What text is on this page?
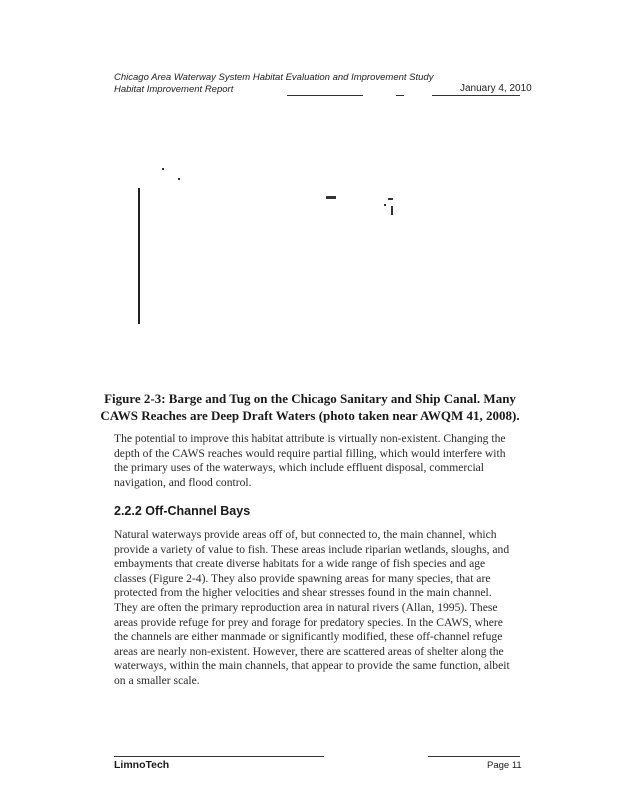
Chicago Area Waterway System Habitat Evaluation and Improvement Study
Habitat Improvement Report	January 4, 2010
Figure 2-3: Barge and Tug on the Chicago Sanitary and Ship Canal. Many
CAWS Reaches are Deep Draft Waters (photo taken near AWQM 41, 2008).

The potential to improve this habitat attribute is virtually non-existent. Changing the depth of the CAWS reaches would require partial filling, which would interfere with the primary uses of the waterways, which include effluent disposal, commercial navigation, and flood control.

2.2.2 Off-Channel Bays

Natural waterways provide areas off of, but connected to, the main channel, which provide a variety of value to fish. These areas include riparian wetlands, sloughs, and embayments that create diverse habitats for a wide range of fish species and age classes (Figure 2-4). They also provide spawning areas for many species, that are protected from the higher velocities and shear stresses found in the main channel. They are often the primary reproduction area in natural rivers (Allan, 1995). These areas provide refuge for prey and forage for predatory species. In the CAWS, where the channels are either manmade or significantly modified, these off-channel refuge areas are nearly non-existent. However, there are scattered areas of shelter along the waterways, within the main channels, that appear to provide the same function, albeit on a smaller scale.

LimnoTech	Page 11
